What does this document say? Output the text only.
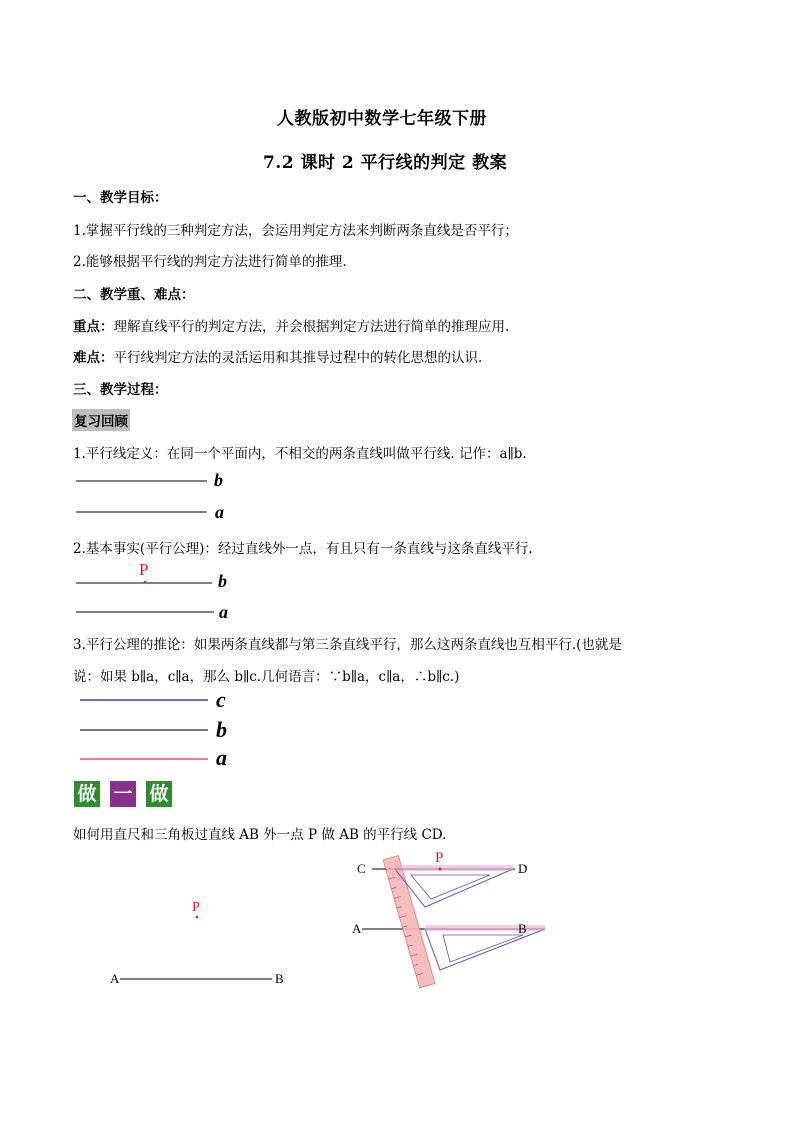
人教版初中数学七年级下册
7.2 课时 2 平行线的判定 教案
一、教学目标：
1.掌握平行线的三种判定方法，会运用判定方法来判断两条直线是否平行；
2.能够根据平行线的判定方法进行简单的推理.
二、教学重、难点：
重点：理解直线平行的判定方法，并会根据判定方法进行简单的推理应用.
难点：平行线判定方法的灵活运用和其推导过程中的转化思想的认识.
三、教学过程：
复习回顾
1.平行线定义：在同一个平面内，不相交的两条直线叫做平行线. 记作：a∥b.
b
a
2.基本事实(平行公理)：经过直线外一点，有且只有一条直线与这条直线平行.
P
b
a
3.平行公理的推论：如果两条直线都与第三条直线平行，那么这两条直线也互相平行.(也就是
说：如果 b∥a，c∥a，那么 b∥c.几何语言：∵b∥a，c∥a，∴b∥c.)
c
b
a
做 一 做
如何用直尺和三角板过直线 AB 外一点 P 做 AB 的平行线 CD.
P
A	B
C
P
D
A	B
